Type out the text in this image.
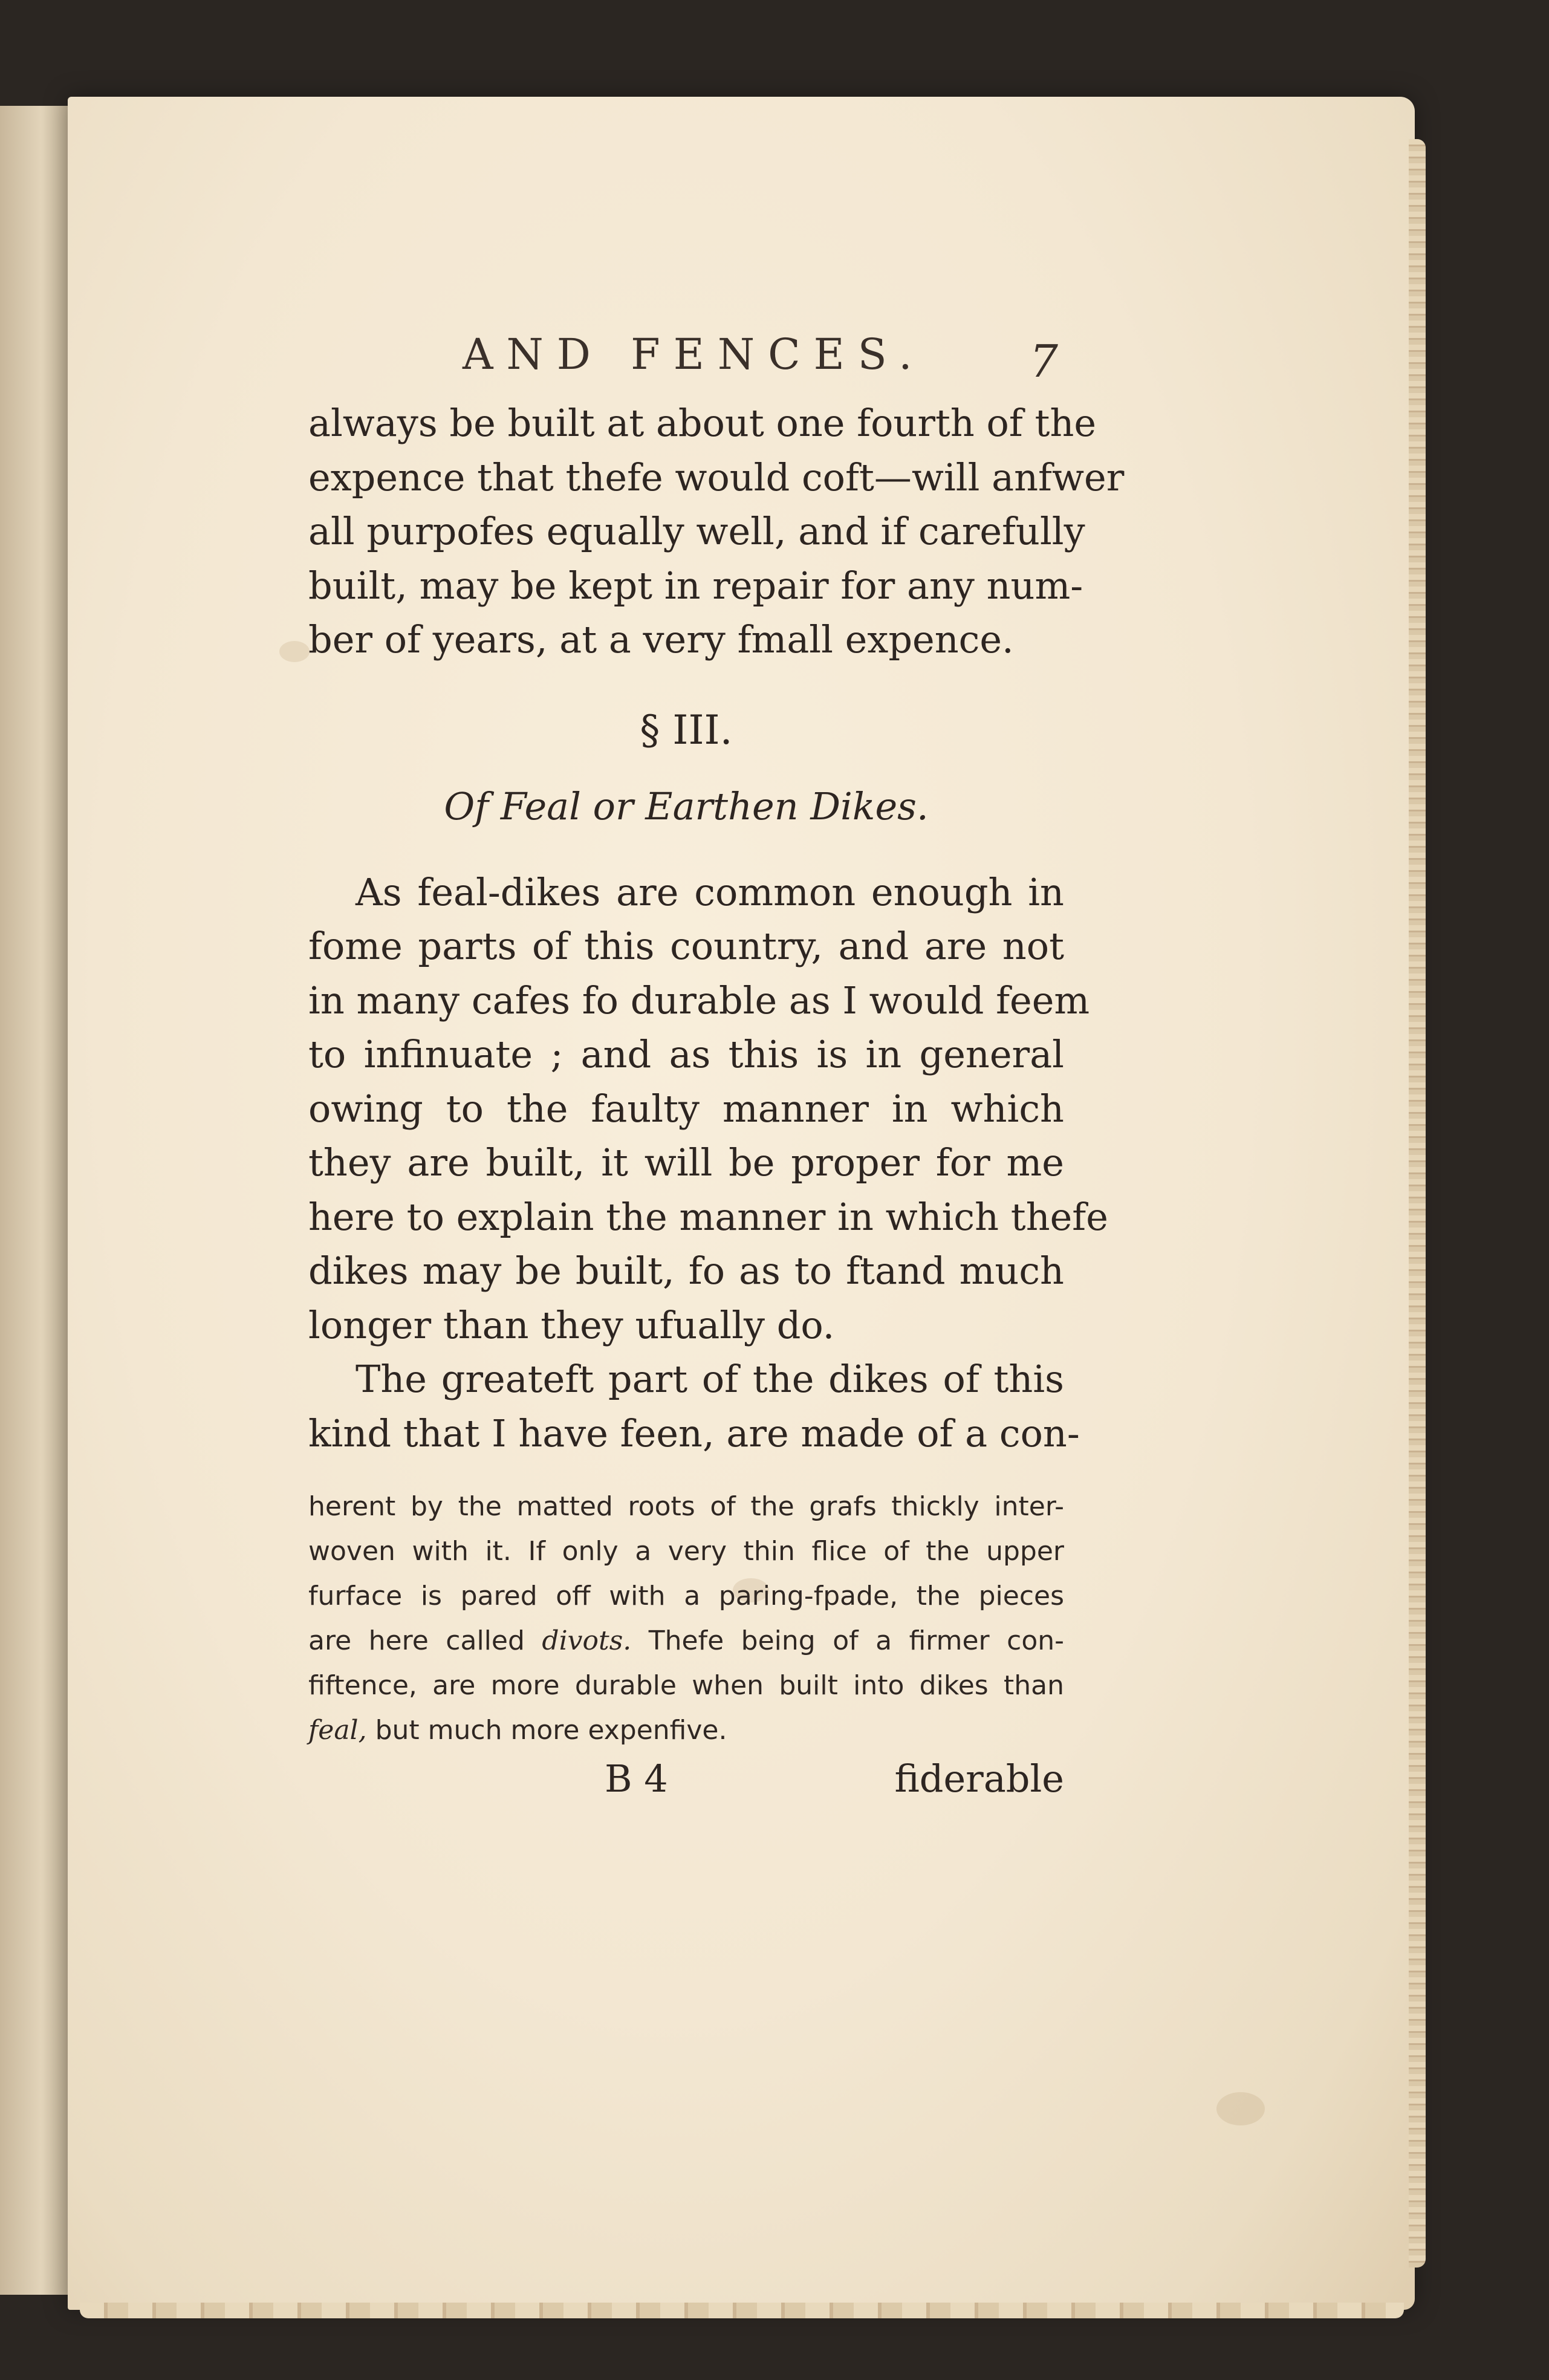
AND FENCES. 7
always be built at about one fourth of the
expence that thefe would coft—will anfwer
all purpofes equally well, and if carefully
built, may be kept in repair for any num-
ber of years, at a very fmall expence.
§ III.
Of Feal or Earthen Dikes.
As feal-dikes are common enough in
fome parts of this country, and are not
in many cafes fo durable as I would feem
to infinuate ; and as this is in general
owing to the faulty manner in which
they are built, it will be proper for me
here to explain the manner in which thefe
dikes may be built, fo as to ftand much
longer than they ufually do.
The greateft part of the dikes of this
kind that I have feen, are made of a con-
herent by the matted roots of the grafs thickly inter-
woven with it. If only a very thin flice of the upper
furface is pared off with a paring-fpade, the pieces
are here called divots. Thefe being of a firmer con-
fiftence, are more durable when built into dikes than
feal, but much more expenfive.
B 4	fiderable
